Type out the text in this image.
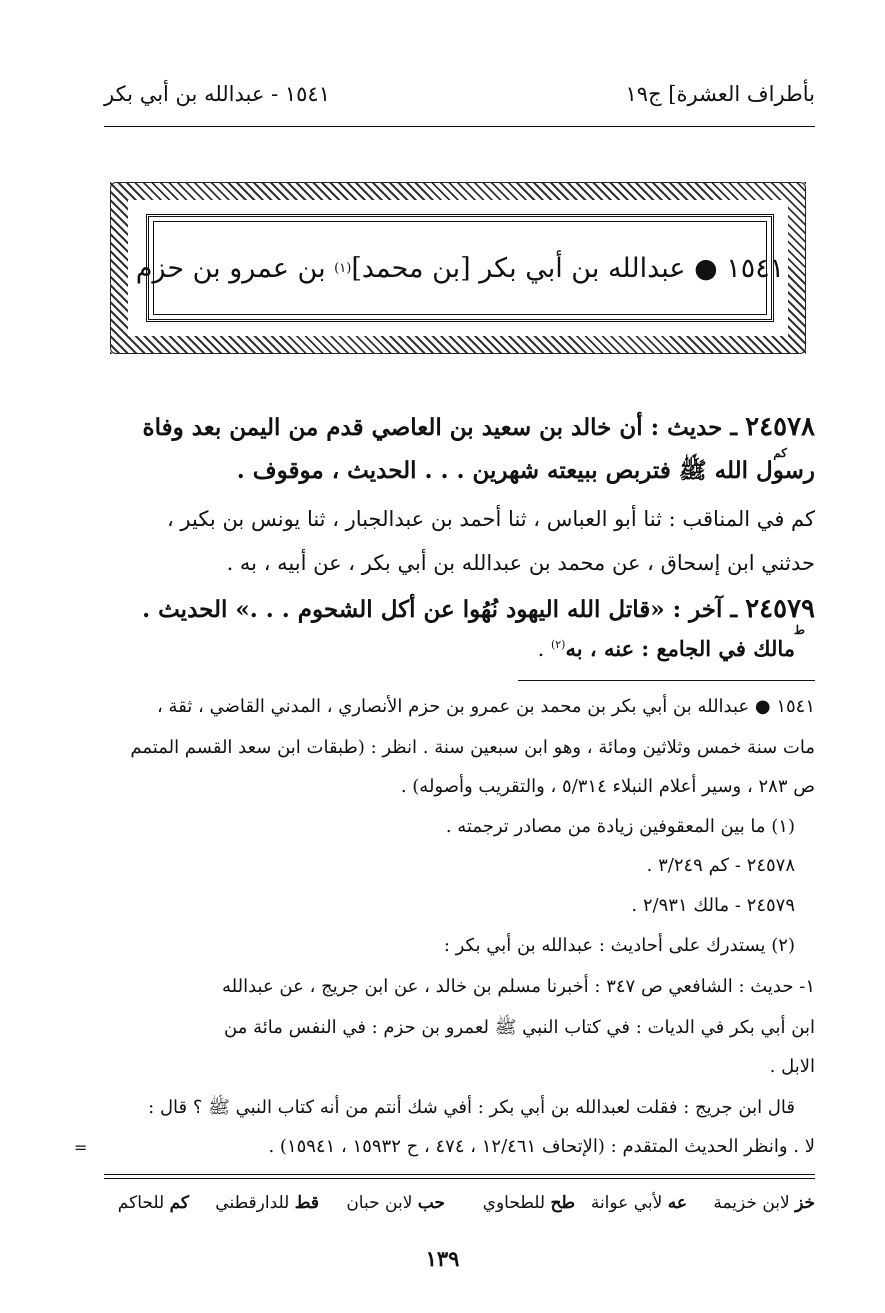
بأطراف العشرة] ج١٩
١٥٤١ - عبدالله بن أبي بكر
١٥٤١ ● عبدالله بن أبي بكر [بن محمد]
(١)

بن عمرو بن حزم
٢٤٥٧٨ ـ حديث : أن خالد بن سعيد بن العاصي قدم من اليمن بعد وفاة
كم
رسول الله ﷺ فتربص ببيعته شهرين . . . الحديث ، موقوف .
كم في المناقب : ثنا أبو العباس ، ثنا أحمد بن عبدالجبار ، ثنا يونس بن بكير ،
حدثني ابن إسحاق ، عن محمد بن عبدالله بن أبي بكر ، عن أبيه ، به .
٢٤٥٧٩ ـ آخر : «قاتل الله اليهود نُهُوا عن أكل الشحوم . . .» الحديث .
ط
مالك في الجامع : عنه ، به$^{(٢)}$ .
١٥٤١ ● عبدالله بن أبي بكر بن محمد بن عمرو بن حزم الأنصاري ، المدني القاضي ، ثقة ،
مات سنة خمس وثلاثين ومائة ، وهو ابن سبعين سنة . انظر : (طبقات ابن سعد القسم المتمم
ص ٢٨٣ ، وسير أعلام النبلاء ٥/٣١٤ ، والتقريب وأصوله) .
(١) ما بين المعقوفين زيادة من مصادر ترجمته .
٢٤٥٧٨ - كم ٣/٢٤٩ .
٢٤٥٧٩ - مالك ٢/٩٣١ .
(٢) يستدرك على أحاديث : عبدالله بن أبي بكر :
١- حديث : الشافعي ص ٣٤٧ : أخبرنا مسلم بن خالد ، عن ابن جريج ، عن عبدالله
ابن أبي بكر في الديات : في كتاب النبي ﷺ لعمرو بن حزم : في النفس مائة من
الابل .
قال ابن جريج : فقلت لعبدالله بن أبي بكر : أفي شك أنتم من أنه كتاب النبي ﷺ ؟ قال :
لا . وانظر الحديث المتقدم : (الإتحاف ١٢/٤٦١ ، ٤٧٤ ، ح ١٥٩٣٢ ، ١٥٩٤١) .
=
خز لابن خزيمة
عه لأبي عوانة
طح للطحاوي
حب لابن حبان
قط للدارقطني
كم للحاكم
١٣٩
